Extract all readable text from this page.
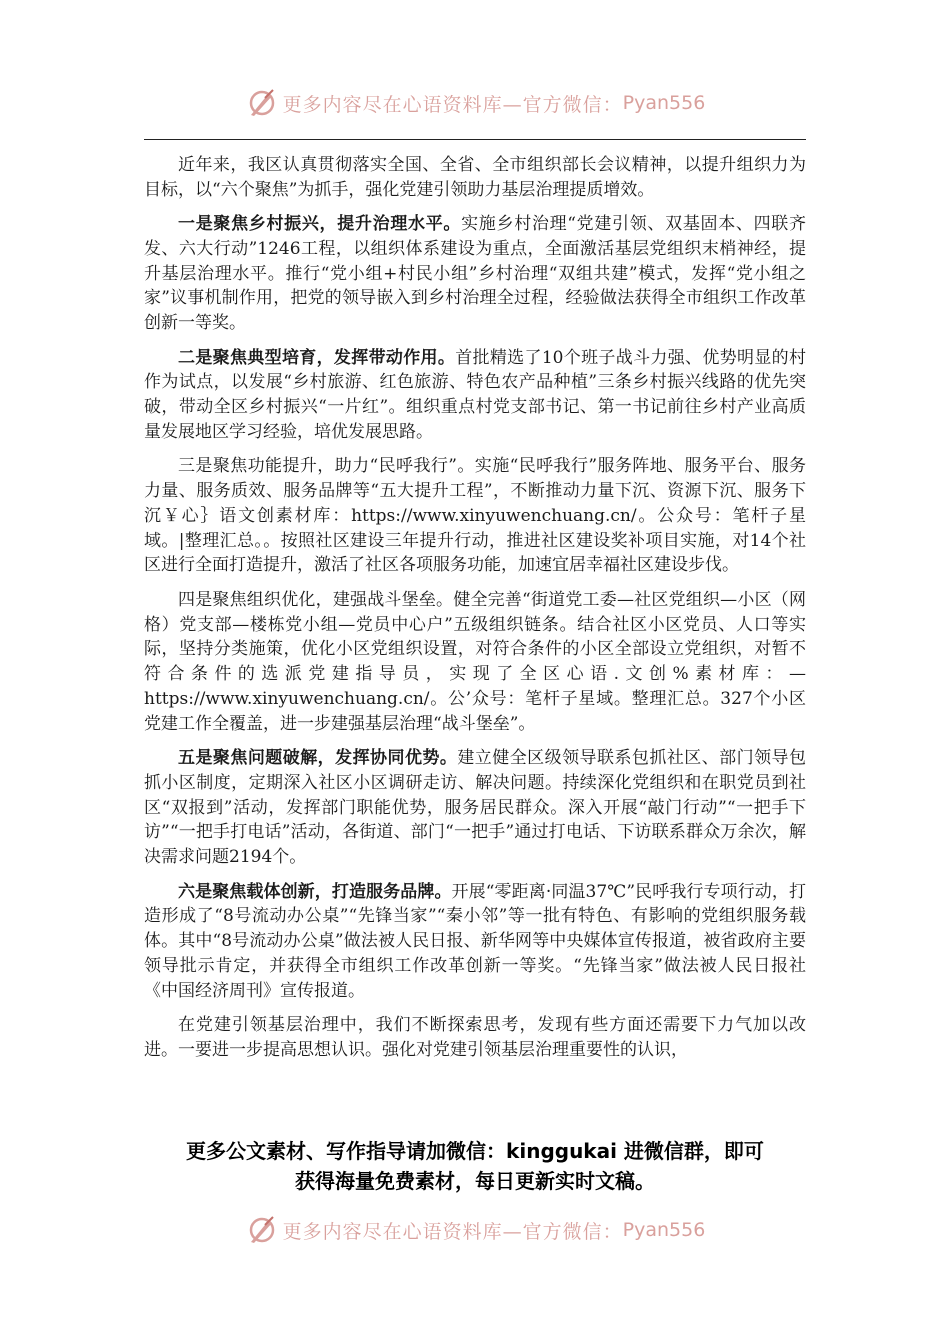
更多内容尽在心语资料库—官方微信： Pyan556

近年来，我区认真贯彻落实全国、全省、全市组织部长会议精神，以提升组织力为目标，以“六个聚焦”为抓手，强化党建引领助力基层治理提质增效。

一是聚焦乡村振兴，提升治理水平。实施乡村治理“党建引领、双基固本、四联齐发、六大行动”1246工程，以组织体系建设为重点，全面激活基层党组织末梢神经，提升基层治理水平。推行“党小组+村民小组”乡村治理“双组共建”模式，发挥“党小组之家”议事机制作用，把党的领导嵌入到乡村治理全过程，经验做法获得全市组织工作改革创新一等奖。

二是聚焦典型培育，发挥带动作用。首批精选了10个班子战斗力强、优势明显的村作为试点，以发展“乡村旅游、红色旅游、特色农产品种植”三条乡村振兴线路的优先突破，带动全区乡村振兴“一片红”。组织重点村党支部书记、第一书记前往乡村产业高质量发展地区学习经验，培优发展思路。

三是聚焦功能提升，助力“民呼我行”。实施“民呼我行”服务阵地、服务平台、服务力量、服务质效、服务品牌等“五大提升工程”，不断推动力量下沉、资源下沉、服务下沉￥心｝语文创素材库：https://www.xinyuwenchuang.cn/。公众号：笔杆子星域。|整理汇总。。按照社区建设三年提升行动，推进社区建设奖补项目实施，对14个社区进行全面打造提升，激活了社区各项服务功能，加速宜居幸福社区建设步伐。

四是聚焦组织优化，建强战斗堡垒。健全完善“街道党工委—社区党组织—小区（网格）党支部—楼栋党小组—党员中心户”五级组织链条。结合社区小区党员、人口等实际，坚持分类施策，优化小区党组织设置，对符合条件的小区全部设立党组织，对暂不符合条件的选派党建指导员，实现了全区心语.文创%素材库：—https://www.xinyuwenchuang.cn/。公’众号：笔杆子星域。整理汇总。327个小区党建工作全覆盖，进一步建强基层治理“战斗堡垒”。

五是聚焦问题破解，发挥协同优势。建立健全区级领导联系包抓社区、部门领导包抓小区制度，定期深入社区小区调研走访、解决问题。持续深化党组织和在职党员到社区“双报到”活动，发挥部门职能优势，服务居民群众。深入开展“敲门行动”“一把手下访”“一把手打电话”活动，各街道、部门“一把手”通过打电话、下访联系群众万余次，解决需求问题2194个。

六是聚焦载体创新，打造服务品牌。开展“零距离·同温37℃”民呼我行专项行动，打造形成了“8号流动办公桌”“先锋当家”“秦小邻”等一批有特色、有影响的党组织服务载体。其中“8号流动办公桌”做法被人民日报、新华网等中央媒体宣传报道，被省政府主要领导批示肯定，并获得全市组织工作改革创新一等奖。“先锋当家”做法被人民日报社《中国经济周刊》宣传报道。

在党建引领基层治理中，我们不断探索思考，发现有些方面还需要下力气加以改进。一要进一步提高思想认识。强化对党建引领基层治理重要性的认识，

更多公文素材、写作指导请加微信：kinggukai 进微信群，即可
获得海量免费素材，每日更新实时文稿。
更多内容尽在心语资料库—官方微信： Pyan556
